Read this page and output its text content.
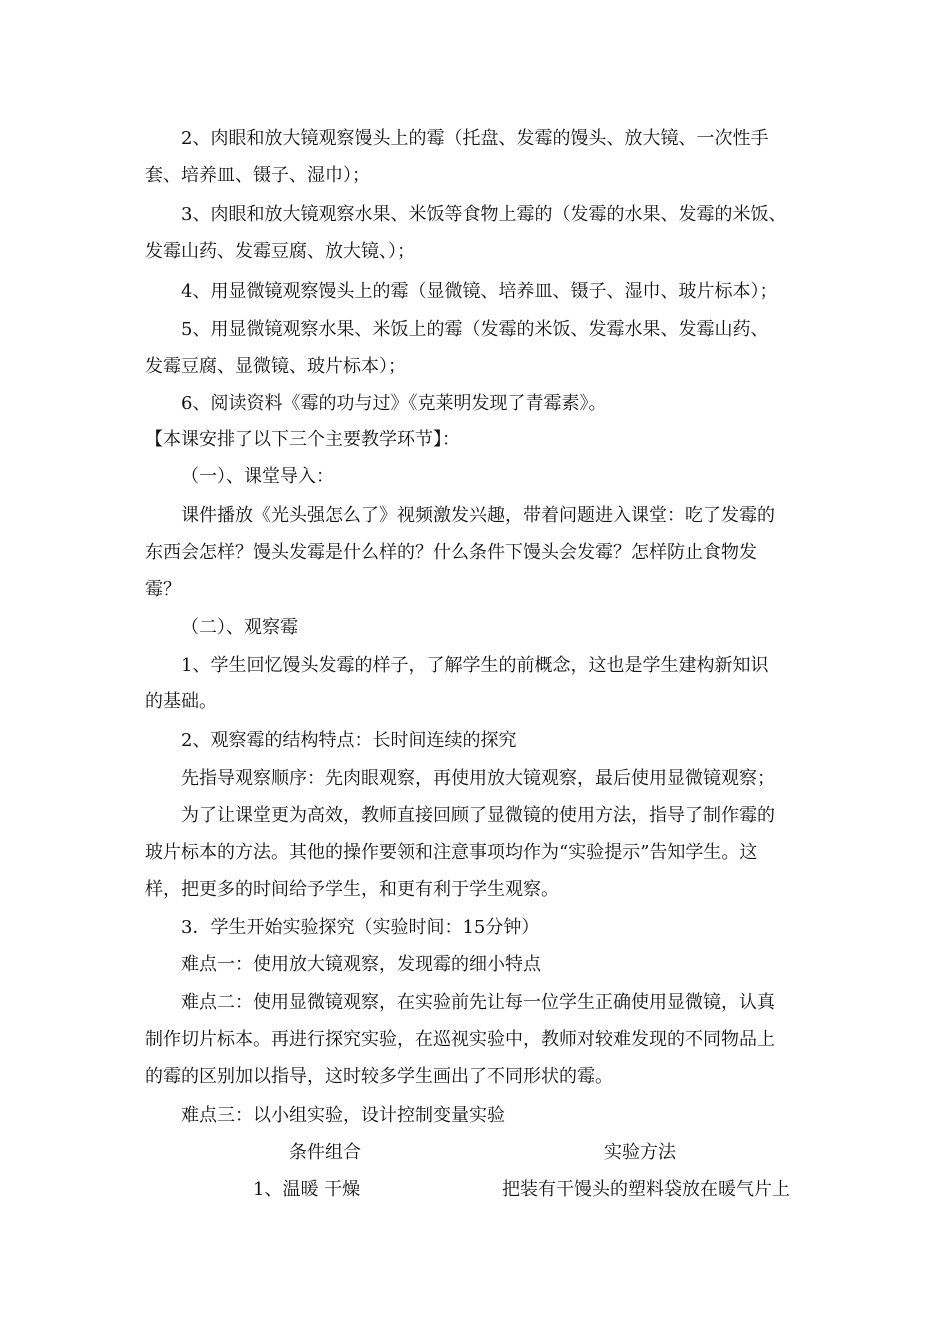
2、肉眼和放大镜观察馒头上的霉（托盘、发霉的馒头、放大镜、一次性手
套、培养皿、镊子、湿巾）；
3、肉眼和放大镜观察水果、米饭等食物上霉的（发霉的水果、发霉的米饭、
发霉山药、发霉豆腐、放大镜、）；
4、用显微镜观察馒头上的霉（显微镜、培养皿、镊子、湿巾、玻片标本）；
5、用显微镜观察水果、米饭上的霉（发霉的米饭、发霉水果、发霉山药、
发霉豆腐、显微镜、玻片标本）；
6、阅读资料《霉的功与过》《克莱明发现了青霉素》。
【本课安排了以下三个主要教学环节】：
（一）、课堂导入：
课件播放《光头强怎么了》视频激发兴趣，带着问题进入课堂：吃了发霉的
东西会怎样？馒头发霉是什么样的？什么条件下馒头会发霉？怎样防止食物发
霉？
（二）、观察霉
1、学生回忆馒头发霉的样子，了解学生的前概念，这也是学生建构新知识
的基础。
2、观察霉的结构特点：长时间连续的探究
先指导观察顺序：先肉眼观察，再使用放大镜观察，最后使用显微镜观察；
为了让课堂更为高效，教师直接回顾了显微镜的使用方法，指导了制作霉的
玻片标本的方法。其他的操作要领和注意事项均作为“实验提示”告知学生。这
样，把更多的时间给予学生，和更有利于学生观察。
3．学生开始实验探究（实验时间：15分钟）
难点一：使用放大镜观察，发现霉的细小特点
难点二：使用显微镜观察，在实验前先让每一位学生正确使用显微镜，认真
制作切片标本。再进行探究实验，在巡视实验中，教师对较难发现的不同物品上
的霉的区别加以指导，这时较多学生画出了不同形状的霉。
难点三：以小组实验，设计控制变量实验
条件组合	实验方法
1、温暖 干燥	把装有干馒头的塑料袋放在暖气片上
